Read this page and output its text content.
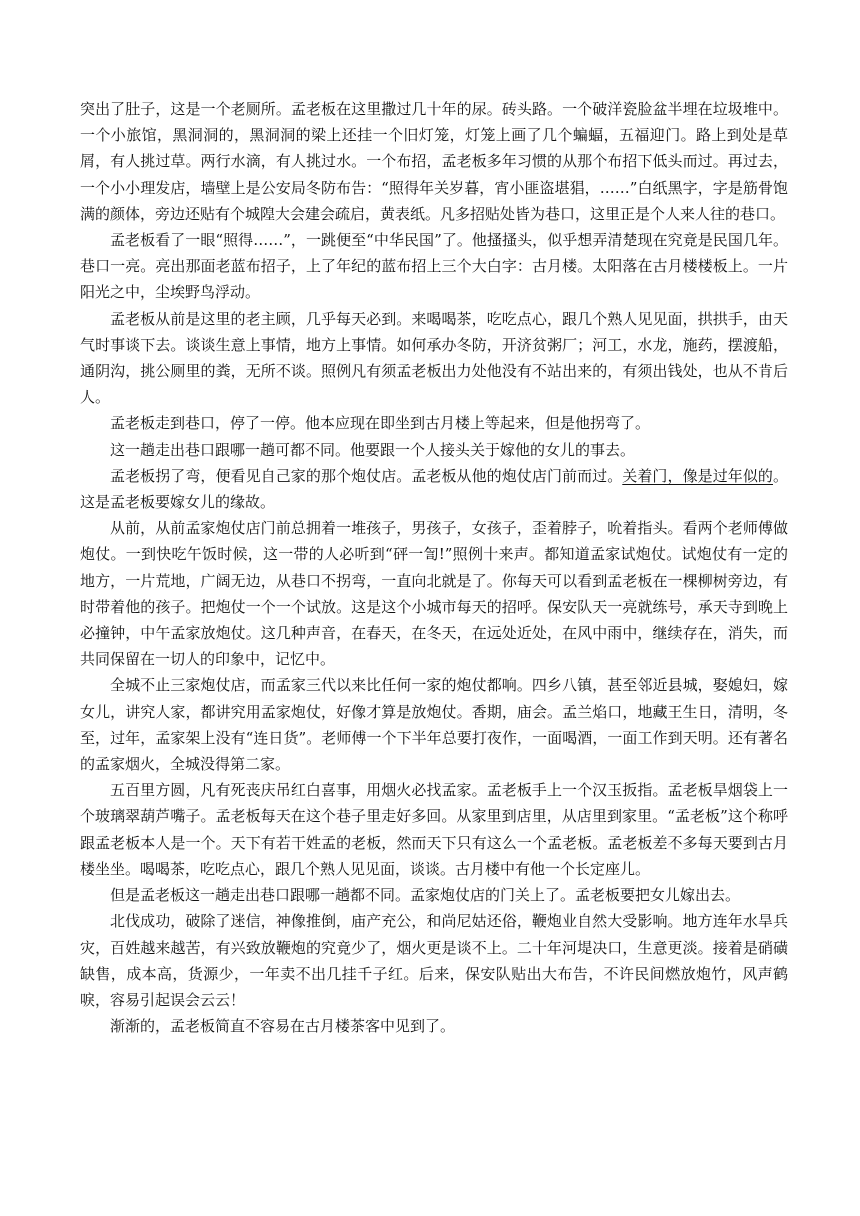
突出了肚子，这是一个老厕所。孟老板在这里撒过几十年的尿。砖头路。一个破洋瓷脸盆半埋在垃圾堆中。一个小旅馆，黑洞洞的，黑洞洞的梁上还挂一个旧灯笼，灯笼上画了几个蝙蝠，五福迎门。路上到处是草屑，有人挑过草。两行水滴，有人挑过水。一个布招，孟老板多年习惯的从那个布招下低头而过。再过去，一个小小理发店，墙壁上是公安局冬防布告：“照得年关岁暮，宵小匪盗堪猖，……”白纸黑字，字是筋骨饱满的颜体，旁边还贴有个城隍大会建会疏启，黄表纸。凡多招贴处皆为巷口，这里正是个人来人往的巷口。

孟老板看了一眼“照得……”，一跳便至“中华民国”了。他搔搔头，似乎想弄清楚现在究竟是民国几年。巷口一亮。亮出那面老蓝布招子，上了年纪的蓝布招上三个大白字：古月楼。太阳落在古月楼楼板上。一片阳光之中，尘埃野鸟浮动。

孟老板从前是这里的老主顾，几乎每天必到。来喝喝茶，吃吃点心，跟几个熟人见见面，拱拱手，由天气时事谈下去。谈谈生意上事情，地方上事情。如何承办冬防，开济贫粥厂；河工，水龙，施药，摆渡船，通阴沟，挑公厕里的粪，无所不谈。照例凡有须孟老板出力处他没有不站出来的，有须出钱处，也从不肯后人。

孟老板走到巷口，停了一停。他本应现在即坐到古月楼上等起来，但是他拐弯了。

这一趟走出巷口跟哪一趟可都不同。他要跟一个人接头关于嫁他的女儿的事去。

孟老板拐了弯，便看见自己家的那个炮仗店。孟老板从他的炮仗店门前而过。关着门，像是过年似的。这是孟老板要嫁女儿的缘故。

从前，从前孟家炮仗店门前总拥着一堆孩子，男孩子，女孩子，歪着脖子，吮着指头。看两个老师傅做炮仗。一到快吃午饭时候，这一带的人必听到“砰一訇!”照例十来声。都知道孟家试炮仗。试炮仗有一定的地方，一片荒地，广阔无边，从巷口不拐弯，一直向北就是了。你每天可以看到孟老板在一棵柳树旁边，有时带着他的孩子。把炮仗一个一个试放。这是这个小城市每天的招呼。保安队天一亮就练号，承天寺到晚上必撞钟，中午孟家放炮仗。这几种声音，在春天，在冬天，在远处近处，在风中雨中，继续存在，消失，而共同保留在一切人的印象中，记忆中。

全城不止三家炮仗店，而孟家三代以来比任何一家的炮仗都响。四乡八镇，甚至邻近县城，娶媳妇，嫁女儿，讲究人家，都讲究用孟家炮仗，好像才算是放炮仗。香期，庙会。孟兰焰口，地藏王生日，清明，冬至，过年，孟家架上没有“连日货”。老师傅一个下半年总要打夜作，一面喝酒，一面工作到天明。还有著名的孟家烟火，全城没得第二家。

五百里方圆，凡有死丧庆吊红白喜事，用烟火必找孟家。孟老板手上一个汉玉扳指。孟老板旱烟袋上一个玻璃翠葫芦嘴子。孟老板每天在这个巷子里走好多回。从家里到店里，从店里到家里。“孟老板”这个称呼跟孟老板本人是一个。天下有若干姓孟的老板，然而天下只有这么一个孟老板。孟老板差不多每天要到古月楼坐坐。喝喝茶，吃吃点心，跟几个熟人见见面，谈谈。古月楼中有他一个长定座儿。

但是孟老板这一趟走出巷口跟哪一趟都不同。孟家炮仗店的门关上了。孟老板要把女儿嫁出去。

北伐成功，破除了迷信，神像推倒，庙产充公，和尚尼姑还俗，鞭炮业自然大受影响。地方连年水旱兵灾，百姓越来越苦，有兴致放鞭炮的究竟少了，烟火更是谈不上。二十年河堤决口，生意更淡。接着是硝磺缺售，成本高，货源少，一年卖不出几挂千子红。后来，保安队贴出大布告，不许民间燃放炮竹，风声鹤唳，容易引起误会云云！

渐渐的，孟老板简直不容易在古月楼茶客中见到了。
